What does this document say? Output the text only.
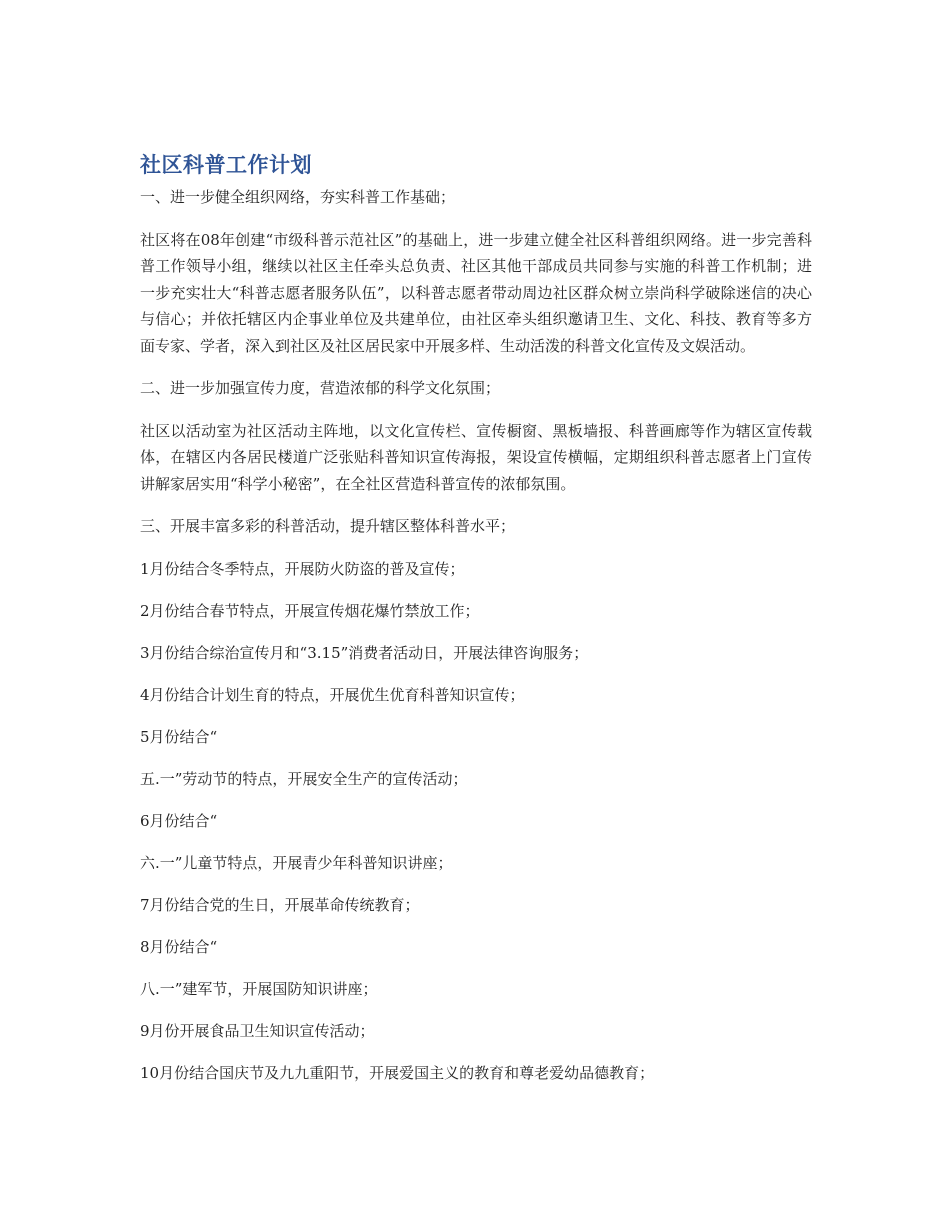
社区科普工作计划

一、进一步健全组织网络，夯实科普工作基础；

社区将在08年创建“市级科普示范社区”的基础上，进一步建立健全社区科普组织网络。进一步完善科普工作领导小组，继续以社区主任牵头总负责、社区其他干部成员共同参与实施的科普工作机制；进一步充实壮大“科普志愿者服务队伍”，以科普志愿者带动周边社区群众树立崇尚科学破除迷信的决心与信心；并依托辖区内企事业单位及共建单位，由社区牵头组织邀请卫生、文化、科技、教育等多方面专家、学者，深入到社区及社区居民家中开展多样、生动活泼的科普文化宣传及文娱活动。

二、进一步加强宣传力度，营造浓郁的科学文化氛围；

社区以活动室为社区活动主阵地，以文化宣传栏、宣传橱窗、黑板墙报、科普画廊等作为辖区宣传载体，在辖区内各居民楼道广泛张贴科普知识宣传海报，架设宣传横幅，定期组织科普志愿者上门宣传讲解家居实用“科学小秘密”，在全社区营造科普宣传的浓郁氛围。

三、开展丰富多彩的科普活动，提升辖区整体科普水平；

1月份结合冬季特点，开展防火防盗的普及宣传；

2月份结合春节特点，开展宣传烟花爆竹禁放工作；

3月份结合综治宣传月和“3.15”消费者活动日，开展法律咨询服务；

4月份结合计划生育的特点，开展优生优育科普知识宣传；

5月份结合“

五.一”劳动节的特点，开展安全生产的宣传活动；

6月份结合“

六.一”儿童节特点，开展青少年科普知识讲座；

7月份结合党的生日，开展革命传统教育；

8月份结合“

八.一”建军节，开展国防知识讲座；

9月份开展食品卫生知识宣传活动；

10月份结合国庆节及九九重阳节，开展爱国主义的教育和尊老爱幼品德教育；
